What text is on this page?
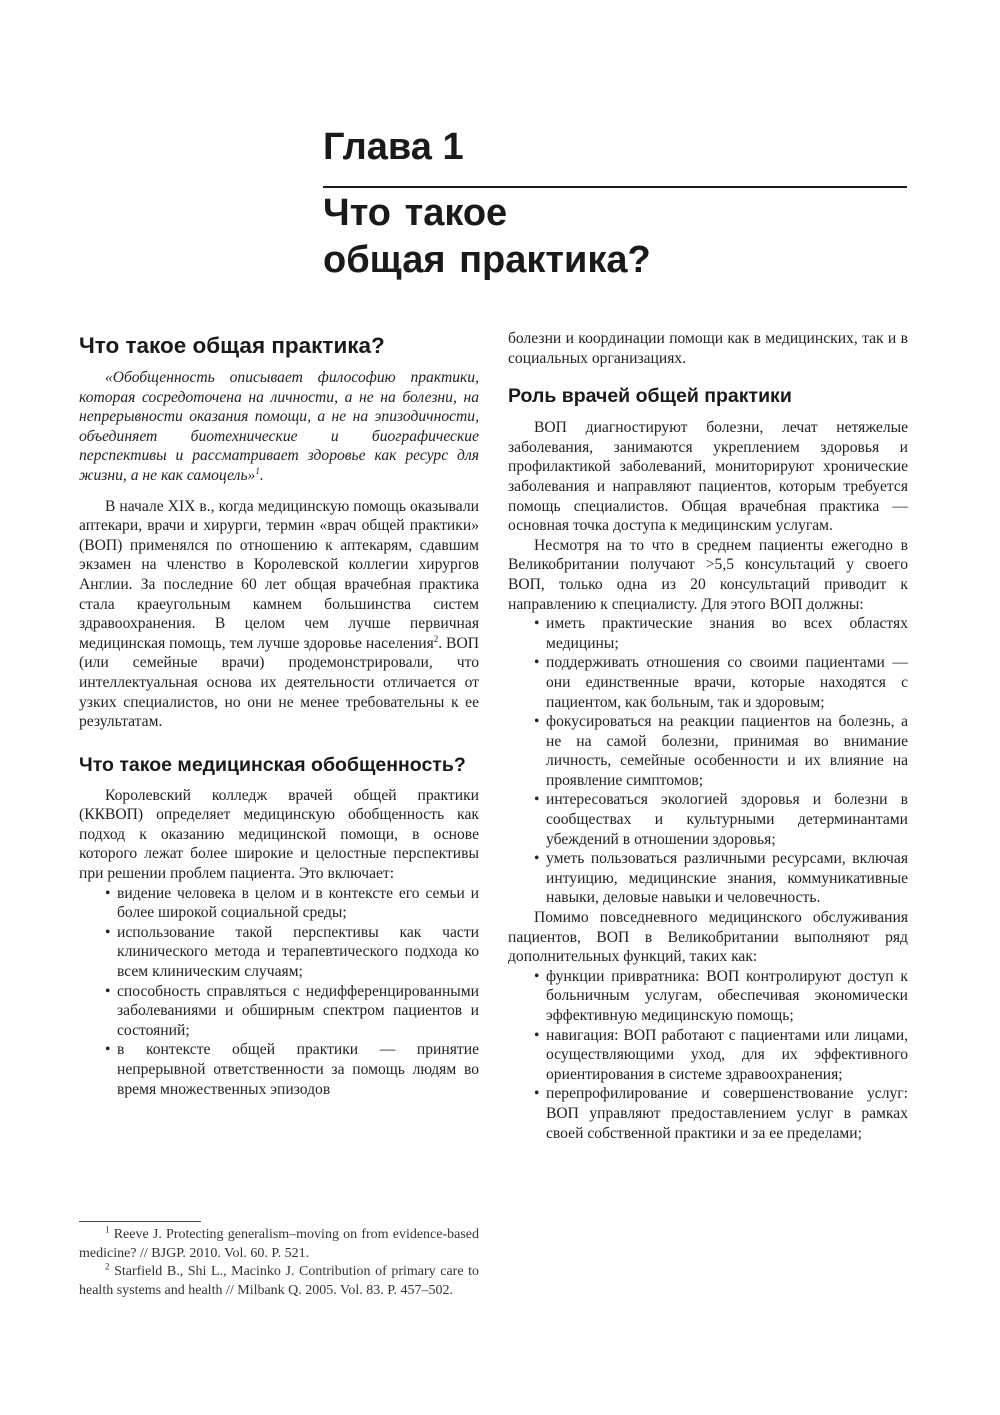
Глава 1
Что такое
общая практика?
Что такое общая практика?

«Обобщенность описывает философию практики, которая сосредоточена на личности, а не на болезни, на непрерывности оказания помощи, а не на эпизодичности, объединяет биотехнические и биографические перспективы и рассматривает здоровье как ресурс для жизни, а не как самоцель»$^1$.

В начале XIX в., когда медицинскую помощь оказывали аптекари, врачи и хирурги, термин «врач общей практики» (ВОП) применялся по отношению к аптекарям, сдавшим экзамен на членство в Королевской коллегии хирургов Англии. За последние 60 лет общая врачебная практика стала краеугольным камнем большинства систем здравоохранения. В целом чем лучше первичная медицинская помощь, тем лучше здоровье населения$^2$. ВОП (или семейные врачи) продемонстрировали, что интеллектуальная основа их деятельности отличается от узких специалистов, но они не менее требовательны к ее результатам.

Что такое медицинская обобщенность?

Королевский колледж врачей общей практики (ККВОП) определяет медицинскую обобщенность как подход к оказанию медицинской помощи, в основе которого лежат более широкие и целостные перспективы при решении проблем пациента. Это включает:

• видение человека в целом и в контексте его семьи и более широкой социальной среды;
• использование такой перспективы как части клинического метода и терапевтического подхода ко всем клиническим случаям;
• способность справляться с недифференцированными заболеваниями и обширным спектром пациентов и состояний;
• в контексте общей практики — принятие непрерывной ответственности за помощь людям во время множественных эпизодов

$^1$ Reeve J. Protecting generalism–moving on from evidence-based medicine? // BJGP. 2010. Vol. 60. P. 521.

$^2$ Starfield B., Shi L., Macinko J. Contribution of primary care to health systems and health // Milbank Q. 2005. Vol. 83. P. 457–502.

болезни и координации помощи как в медицинских, так и в социальных организациях.

Роль врачей общей практики

ВОП диагностируют болезни, лечат нетяжелые заболевания, занимаются укреплением здоровья и профилактикой заболеваний, мониторируют хронические заболевания и направляют пациентов, которым требуется помощь специалистов. Общая врачебная практика — основная точка доступа к медицинским услугам.

Несмотря на то что в среднем пациенты ежегодно в Великобритании получают >5,5 консультаций у своего ВОП, только одна из 20 консультаций приводит к направлению к специалисту. Для этого ВОП должны:

• иметь практические знания во всех областях медицины;
• поддерживать отношения со своими пациентами — они единственные врачи, которые находятся с пациентом, как больным, так и здоровым;
• фокусироваться на реакции пациентов на болезнь, а не на самой болезни, принимая во внимание личность, семейные особенности и их влияние на проявление симптомов;
• интересоваться экологией здоровья и болезни в сообществах и культурными детерминантами убеждений в отношении здоровья;
• уметь пользоваться различными ресурсами, включая интуицию, медицинские знания, коммуникативные навыки, деловые навыки и человечность.

Помимо повседневного медицинского обслуживания пациентов, ВОП в Великобритании выполняют ряд дополнительных функций, таких как:

• функции привратника: ВОП контролируют доступ к больничным услугам, обеспечивая экономически эффективную медицинскую помощь;
• навигация: ВОП работают с пациентами или лицами, осуществляющими уход, для их эффективного ориентирования в системе здравоохранения;
• перепрофилирование и совершенствование услуг: ВОП управляют предоставлением услуг в рамках своей собственной практики и за ее пределами;
